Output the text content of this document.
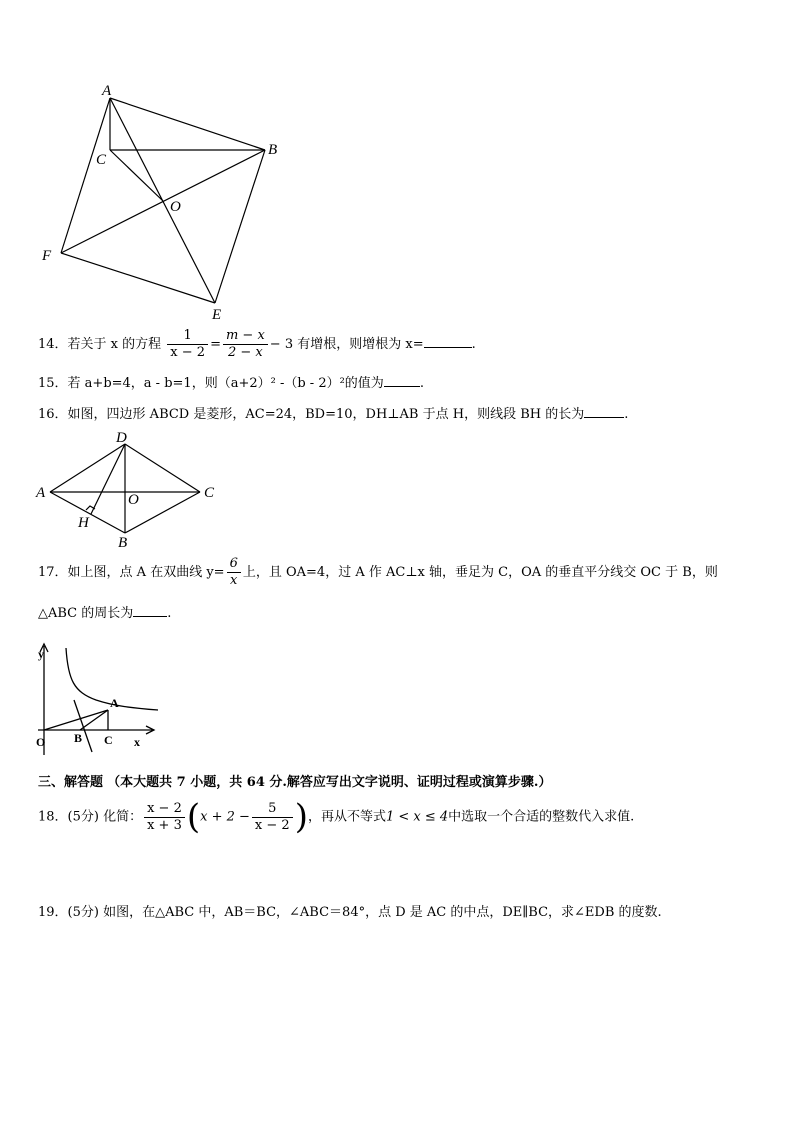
A
B
C
O
F
E
14．若关于 x 的方程 $\frac{1}{x - 2} = \frac{m - x}{2 - x} - 3$ 有增根，则增根为 x=	.
15．若 a+b=4，a - b=1，则（a+2）² -（b - 2）²的值为	.
16．如图，四边形 ABCD 是菱形，AC=24，BD=10，DH⊥AB 于点 H，则线段 BH 的长为	.
D
A	C
O
H
B
17．如上图，点 A 在双曲线 $y= \frac{6}{x}$ 上，且 OA=4，过 A 作 AC⊥x 轴，垂足为 C，OA 的垂直平分线交 OC 于 B，则
△ABC 的周长为	.
y
x
O
A
B C
三、解答题 （本大题共 7 小题，共 64 分.解答应写出文字说明、证明过程或演算步骤.）
18．(5分) 化简： $\frac{x - 2}{x + 3} (x + 2 - \frac{5}{x - 2}$ )，再从不等式1 < x ≤ 4中选取一个合适的整数代入求值.
19．(5分) 如图，在△ABC 中，AB＝BC，∠ABC＝84°，点 D 是 AC 的中点，DE∥BC，求∠EDB 的度数.
